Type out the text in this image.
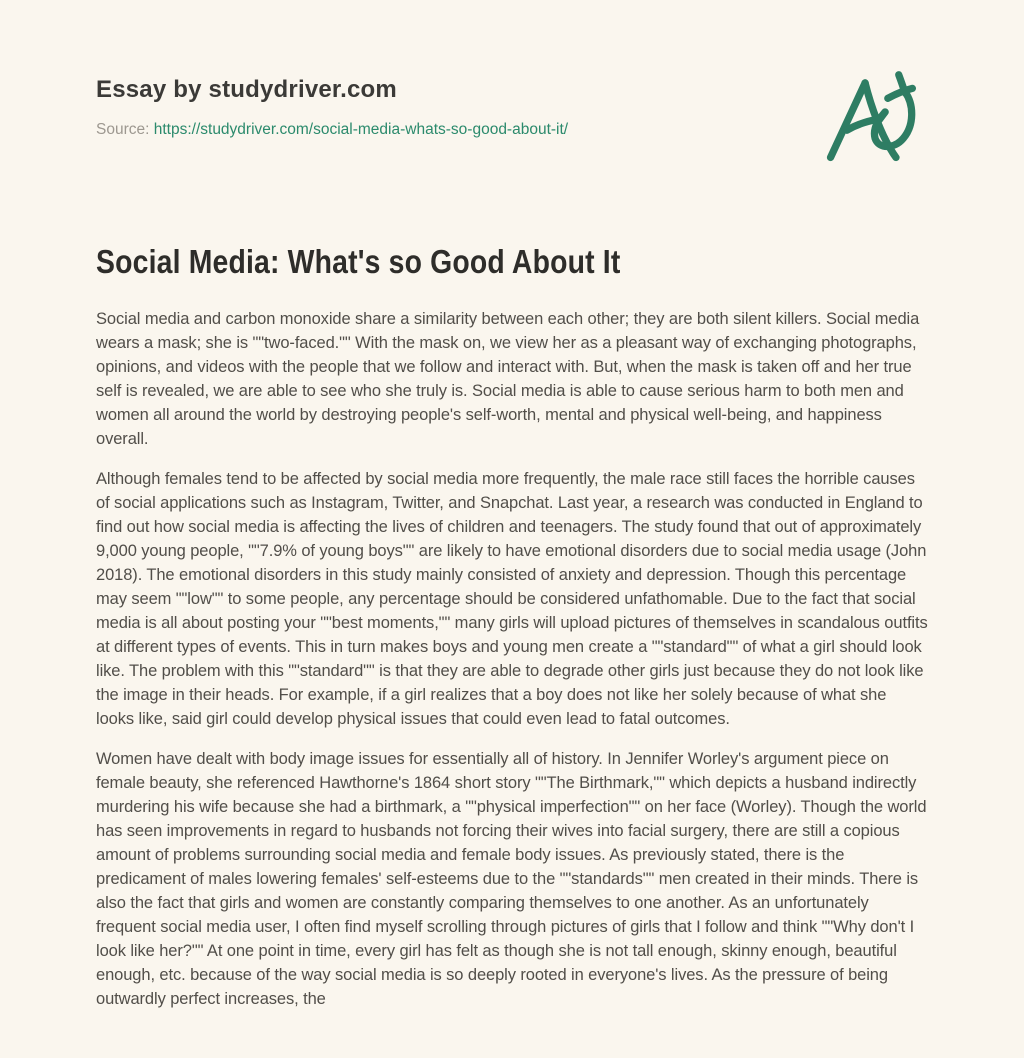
Essay by studydriver.com

Source: https://studydriver.com/social-media-whats-so-good-about-it/

Social Media: What's so Good About It

Social media and carbon monoxide share a similarity between each other; they are both silent killers. Social media wears a mask; she is ""two-faced."" With the mask on, we view her as a pleasant way of exchanging photographs, opinions, and videos with the people that we follow and interact with. But, when the mask is taken off and her true self is revealed, we are able to see who she truly is. Social media is able to cause serious harm to both men and women all around the world by destroying people's self-worth, mental and physical well-being, and happiness overall.

Although females tend to be affected by social media more frequently, the male race still faces the horrible causes of social applications such as Instagram, Twitter, and Snapchat. Last year, a research was conducted in England to find out how social media is affecting the lives of children and teenagers. The study found that out of approximately 9,000 young people, ""7.9% of young boys"" are likely to have emotional disorders due to social media usage (John 2018). The emotional disorders in this study mainly consisted of anxiety and depression. Though this percentage may seem ""low"" to some people, any percentage should be considered unfathomable. Due to the fact that social media is all about posting your ""best moments,"" many girls will upload pictures of themselves in scandalous outfits at different types of events. This in turn makes boys and young men create a ""standard"" of what a girl should look like. The problem with this ""standard"" is that they are able to degrade other girls just because they do not look like the image in their heads. For example, if a girl realizes that a boy does not like her solely because of what she looks like, said girl could develop physical issues that could even lead to fatal outcomes.

Women have dealt with body image issues for essentially all of history. In Jennifer Worley's argument piece on female beauty, she referenced Hawthorne's 1864 short story ""The Birthmark,"" which depicts a husband indirectly murdering his wife because she had a birthmark, a ""physical imperfection"" on her face (Worley). Though the world has seen improvements in regard to husbands not forcing their wives into facial surgery, there are still a copious amount of problems surrounding social media and female body issues. As previously stated, there is the predicament of males lowering females' self-esteems due to the ""standards"" men created in their minds. There is also the fact that girls and women are constantly comparing themselves to one another. As an unfortunately frequent social media user, I often find myself scrolling through pictures of girls that I follow and think ""Why don't I look like her?"" At one point in time, every girl has felt as though she is not tall enough, skinny enough, beautiful enough, etc. because of the way social media is so deeply rooted in everyone's lives. As the pressure of being outwardly perfect increases, the
